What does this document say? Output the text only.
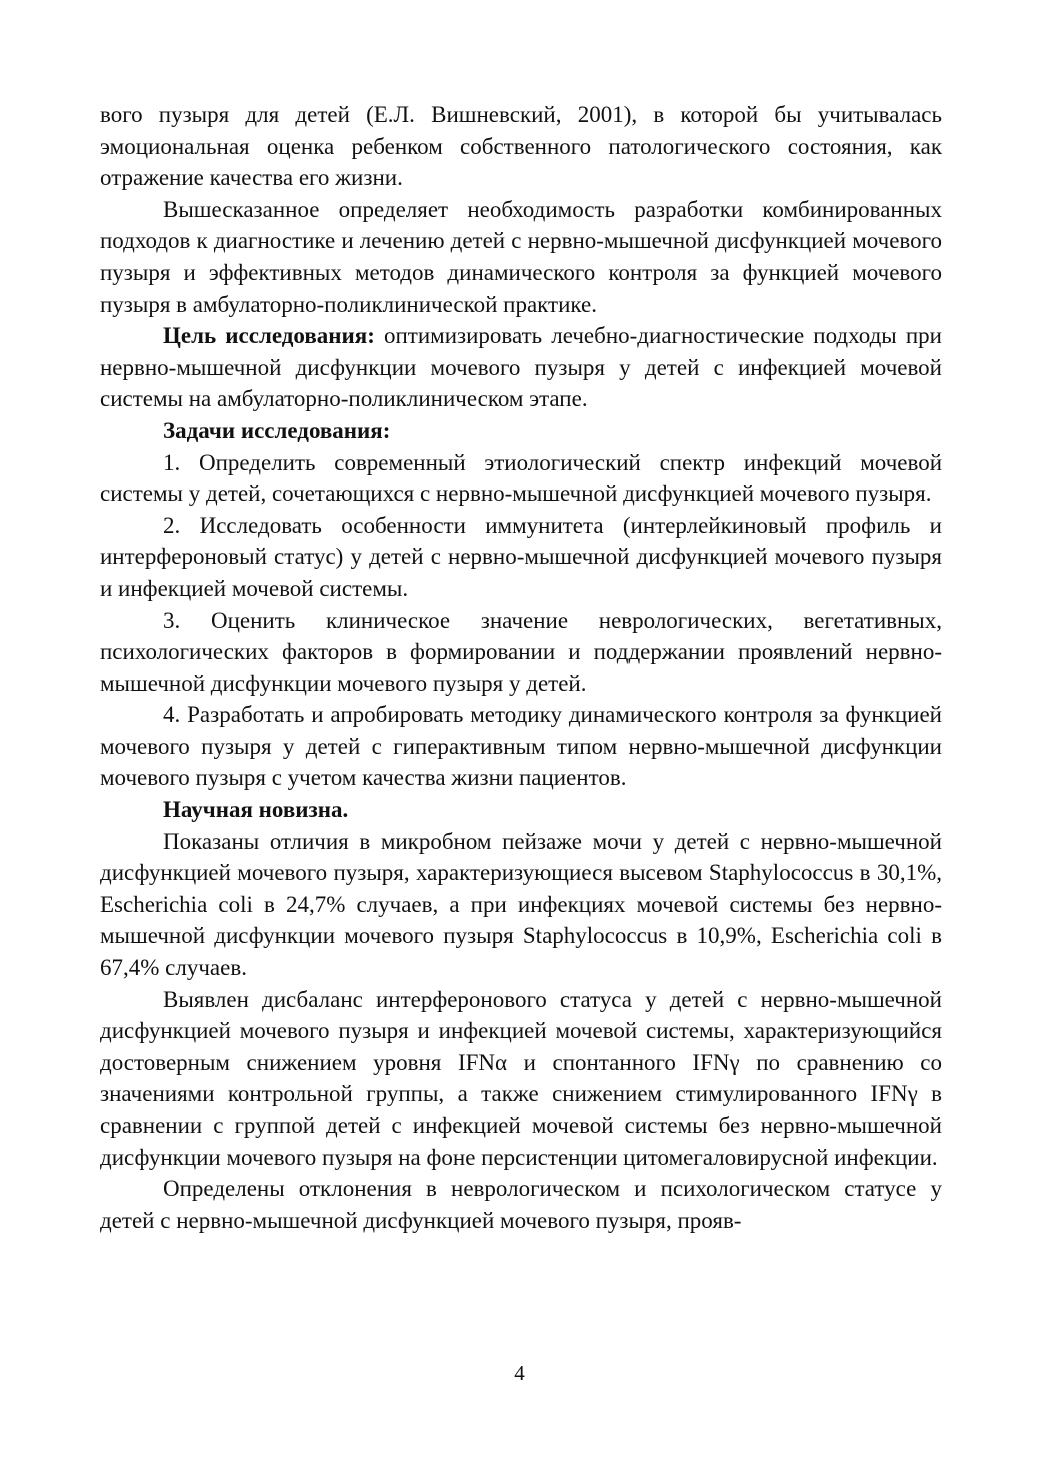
вого пузыря для детей (Е.Л. Вишневский, 2001), в которой бы учитывалась эмоциональная оценка ребенком собственного патологического состояния, как отражение качества его жизни.

Вышесказанное определяет необходимость разработки комбинированных подходов к диагностике и лечению детей с нервно-мышечной дисфункцией мочевого пузыря и эффективных методов динамического контроля за функцией мочевого пузыря в амбулаторно-поликлинической практике.

Цель исследования: оптимизировать лечебно-диагностические подходы при нервно-мышечной дисфункции мочевого пузыря у детей с инфекцией мочевой системы на амбулаторно-поликлиническом этапе.

Задачи исследования:

1. Определить современный этиологический спектр инфекций мочевой системы у детей, сочетающихся с нервно-мышечной дисфункцией мочевого пузыря.

2. Исследовать особенности иммунитета (интерлейкиновый профиль и интерфероновый статус) у детей с нервно-мышечной дисфункцией мочевого пузыря и инфекцией мочевой системы.

3. Оценить клиническое значение неврологических, вегетативных, психологических факторов в формировании и поддержании проявлений нервно-мышечной дисфункции мочевого пузыря у детей.

4. Разработать и апробировать методику динамического контроля за функцией мочевого пузыря у детей с гиперактивным типом нервно-мышечной дисфункции мочевого пузыря с учетом качества жизни пациентов.

Научная новизна.

Показаны отличия в микробном пейзаже мочи у детей с нервно-мышечной дисфункцией мочевого пузыря, характеризующиеся высевом Staphylococcus в 30,1%, Escherichia coli в 24,7% случаев, а при инфекциях мочевой системы без нервно-мышечной дисфункции мочевого пузыря Staphylococcus в 10,9%, Escherichia coli в 67,4% случаев.

Выявлен дисбаланс интерферонового статуса у детей с нервно-мышечной дисфункцией мочевого пузыря и инфекцией мочевой системы, характеризующийся достоверным снижением уровня IFNα и спонтанного IFNγ по сравнению со значениями контрольной группы, а также снижением стимулированного IFNγ в сравнении с группой детей с инфекцией мочевой системы без нервно-мышечной дисфункции мочевого пузыря на фоне персистенции цитомегаловирусной инфекции.

Определены отклонения в неврологическом и психологическом статусе у детей с нервно-мышечной дисфункцией мочевого пузыря, прояв-

4
